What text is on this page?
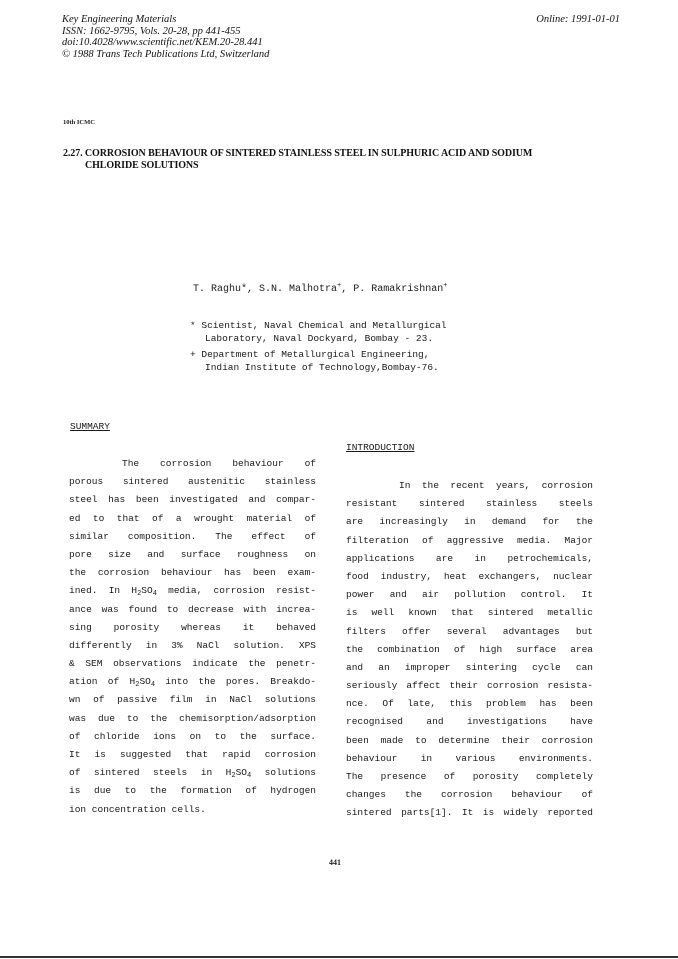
Key Engineering Materials
ISSN: 1662-9795, Vols. 20-28, pp 441-455
doi:10.4028/www.scientific.net/KEM.20-28.441
© 1988 Trans Tech Publications Ltd, Switzerland
Online: 1991-01-01
10th ICMC
2.27. CORROSION BEHAVIOUR OF SINTERED STAINLESS STEEL IN SULPHURIC ACID AND SODIUM
CHLORIDE SOLUTIONS
T. Raghu*, S.N. Malhotra+, P. Ramakrishnan+
* Scientist, Naval Chemical and Metallurgical
Laboratory, Naval Dockyard, Bombay - 23.
+ Department of Metallurgical Engineering,
Indian Institute of Technology,Bombay-76.
SUMMARY
The corrosion behaviour of
porous sintered austenitic stainless
steel has been investigated and compar-
ed to that of a wrought material of
similar composition. The effect of
pore size and surface roughness on
the corrosion behaviour has been exam-
ined. In $H_2SO_4$ media, corrosion resist-
ance was found to decrease with increa-
sing porosity whereas it behaved
differently in 3% NaCl solution. XPS
& SEM observations indicate the penetr-
ation of $H_2SO_4$ into the pores. Breakdo-
wn of passive film in NaCl solutions
was due to the chemisorption/adsorption
of chloride ions on to the surface.
It is suggested that rapid corrosion
of sintered steels in $H_2SO_4$ solutions
is due to the formation of hydrogen
ion concentration cells.
INTRODUCTION
In the recent years, corrosion
resistant sintered stainless steels
are increasingly in demand for the
filteration of aggressive media. Major
applications are in petrochemicals,
food industry, heat exchangers, nuclear
power and air pollution control. It
is well known that sintered metallic
filters offer several advantages but
the combination of high surface area
and an improper sintering cycle can
seriously affect their corrosion resista-
nce. Of late, this problem has been
recognised and investigations have
been made to determine their corrosion
behaviour in various environments.
The presence of porosity completely
changes the corrosion behaviour of
sintered parts[1]. It is widely reported
441
